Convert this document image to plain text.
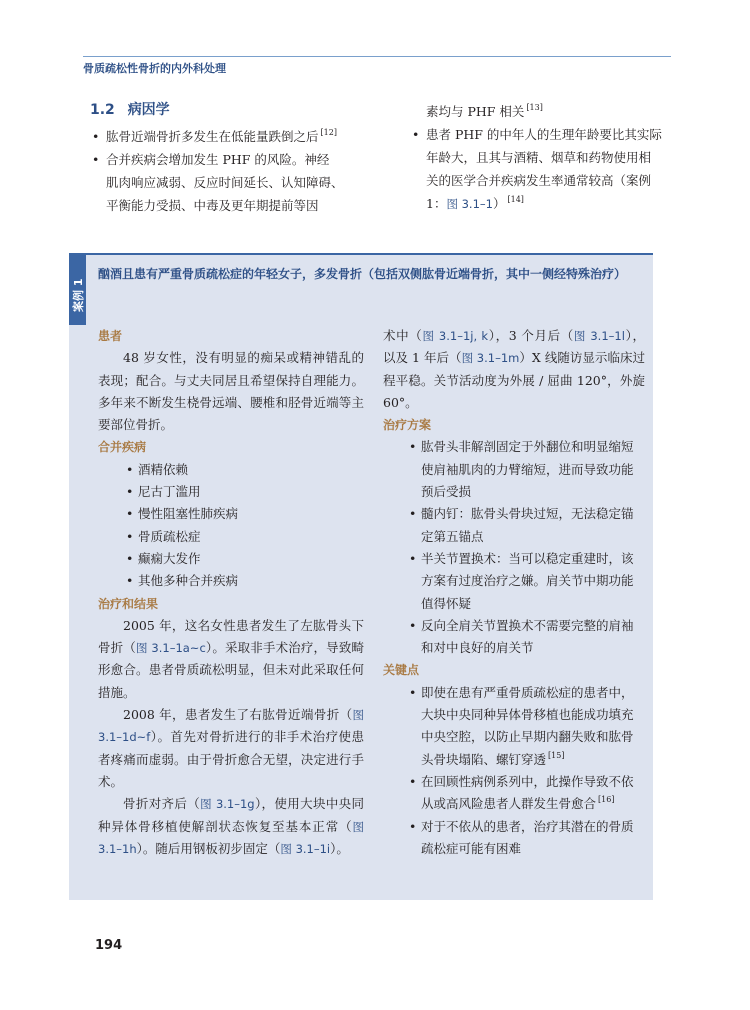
骨质疏松性骨折的内外科处理
1.2 病因学
• 肱骨近端骨折多发生在低能量跌倒之后 [12]
• 合并疾病会增加发生 PHF 的风险。神经
肌肉响应减弱、反应时间延长、认知障碍、
平衡能力受损、中毒及更年期提前等因
素均与 PHF 相关 [13]
• 患者 PHF 的中年人的生理年龄要比其实际
年龄大，且其与酒精、烟草和药物使用相
关的医学合并疾病发生率通常较高（案例
1：图 3.1–1） [14]
案例 1
酗酒且患有严重骨质疏松症的年轻女子，多发骨折（包括双侧肱骨近端骨折，其中一侧经特殊治疗）
患者
48 岁女性，没有明显的痴呆或精神错乱的表现；配合。与丈夫同居且希望保持自理能力。多年来不断发生桡骨远端、腰椎和胫骨近端等主要部位骨折。
合并疾病
• 酒精依赖
• 尼古丁滥用
• 慢性阻塞性肺疾病
• 骨质疏松症
• 癫痫大发作
• 其他多种合并疾病
治疗和结果
2005 年，这名女性患者发生了左肱骨头下骨折（图 3.1–1a~c）。采取非手术治疗，导致畸形愈合。患者骨质疏松明显，但未对此采取任何措施。
2008 年，患者发生了右肱骨近端骨折（图 3.1–1d~f）。首先对骨折进行的非手术治疗使患者疼痛而虚弱。由于骨折愈合无望，决定进行手术。
骨折对齐后（图 3.1–1g），使用大块中央同种异体骨移植使解剖状态恢复至基本正常（图 3.1–1h）。随后用钢板初步固定（图 3.1–1i）。
术中（图 3.1–1j, k），3 个月后（图 3.1–1l），以及 1 年后（图 3.1–1m）X 线随访显示临床过程平稳。关节活动度为外展 / 屈曲 120°，外旋 60°。
治疗方案
• 肱骨头非解剖固定于外翻位和明显缩短
使肩袖肌肉的力臂缩短，进而导致功能
预后受损
• 髓内钉：肱骨头骨块过短，无法稳定锚
定第五锚点
• 半关节置换术：当可以稳定重建时，该
方案有过度治疗之嫌。肩关节中期功能
值得怀疑
• 反向全肩关节置换术不需要完整的肩袖
和对中良好的肩关节
关键点
• 即使在患有严重骨质疏松症的患者中，
大块中央同种异体骨移植也能成功填充
中央空腔，以防止早期内翻失败和肱骨
头骨块塌陷、螺钉穿透 [15]
• 在回顾性病例系列中，此操作导致不依
从或高风险患者人群发生骨愈合 [16]
• 对于不依从的患者，治疗其潜在的骨质
疏松症可能有困难
194
